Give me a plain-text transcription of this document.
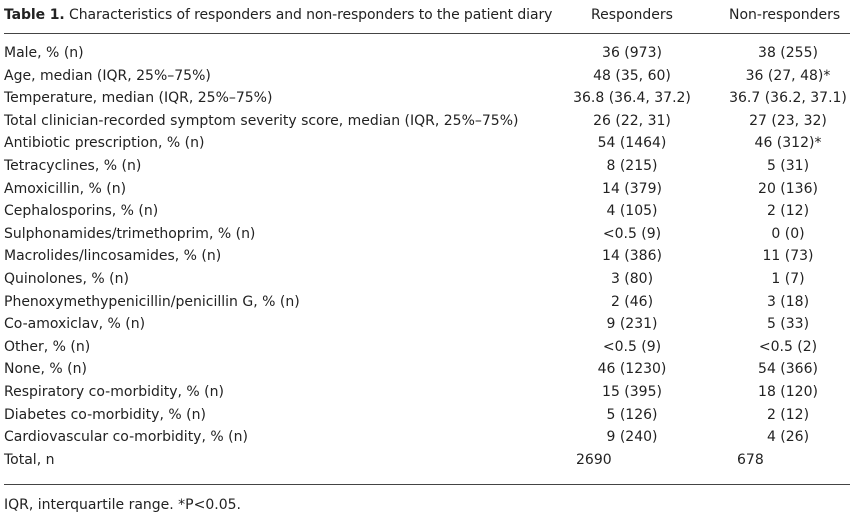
Table 1. Characteristics of responders and non-responders to the patient diary	Responders	Non-responders
Male, % (n)	36 (973)	38 (255)
Age, median (IQR, 25%–75%)	48 (35, 60)	36 (27, 48)*
Temperature, median (IQR, 25%–75%)	36.8 (36.4, 37.2)	36.7 (36.2, 37.1)
Total clinician-recorded symptom severity score, median (IQR, 25%–75%)	26 (22, 31)	27 (23, 32)
Antibiotic prescription, % (n)	54 (1464)	46 (312)*
Tetracyclines, % (n)	8 (215)	5 (31)
Amoxicillin, % (n)	14 (379)	20 (136)
Cephalosporins, % (n)	4 (105)	2 (12)
Sulphonamides/trimethoprim, % (n)	<0.5 (9)	0 (0)
Macrolides/lincosamides, % (n)	14 (386)	11 (73)
Quinolones, % (n)	3 (80)	1 (7)
Phenoxymethypenicillin/penicillin G, % (n)	2 (46)	3 (18)
Co-amoxiclav, % (n)	9 (231)	5 (33)
Other, % (n)	<0.5 (9)	<0.5 (2)
None, % (n)	46 (1230)	54 (366)
Respiratory co-morbidity, % (n)	15 (395)	18 (120)
Diabetes co-morbidity, % (n)	5 (126)	2 (12)
Cardiovascular co-morbidity, % (n)	9 (240)	4 (26)
Total, n	2690	678
IQR, interquartile range. *P<0.05.
